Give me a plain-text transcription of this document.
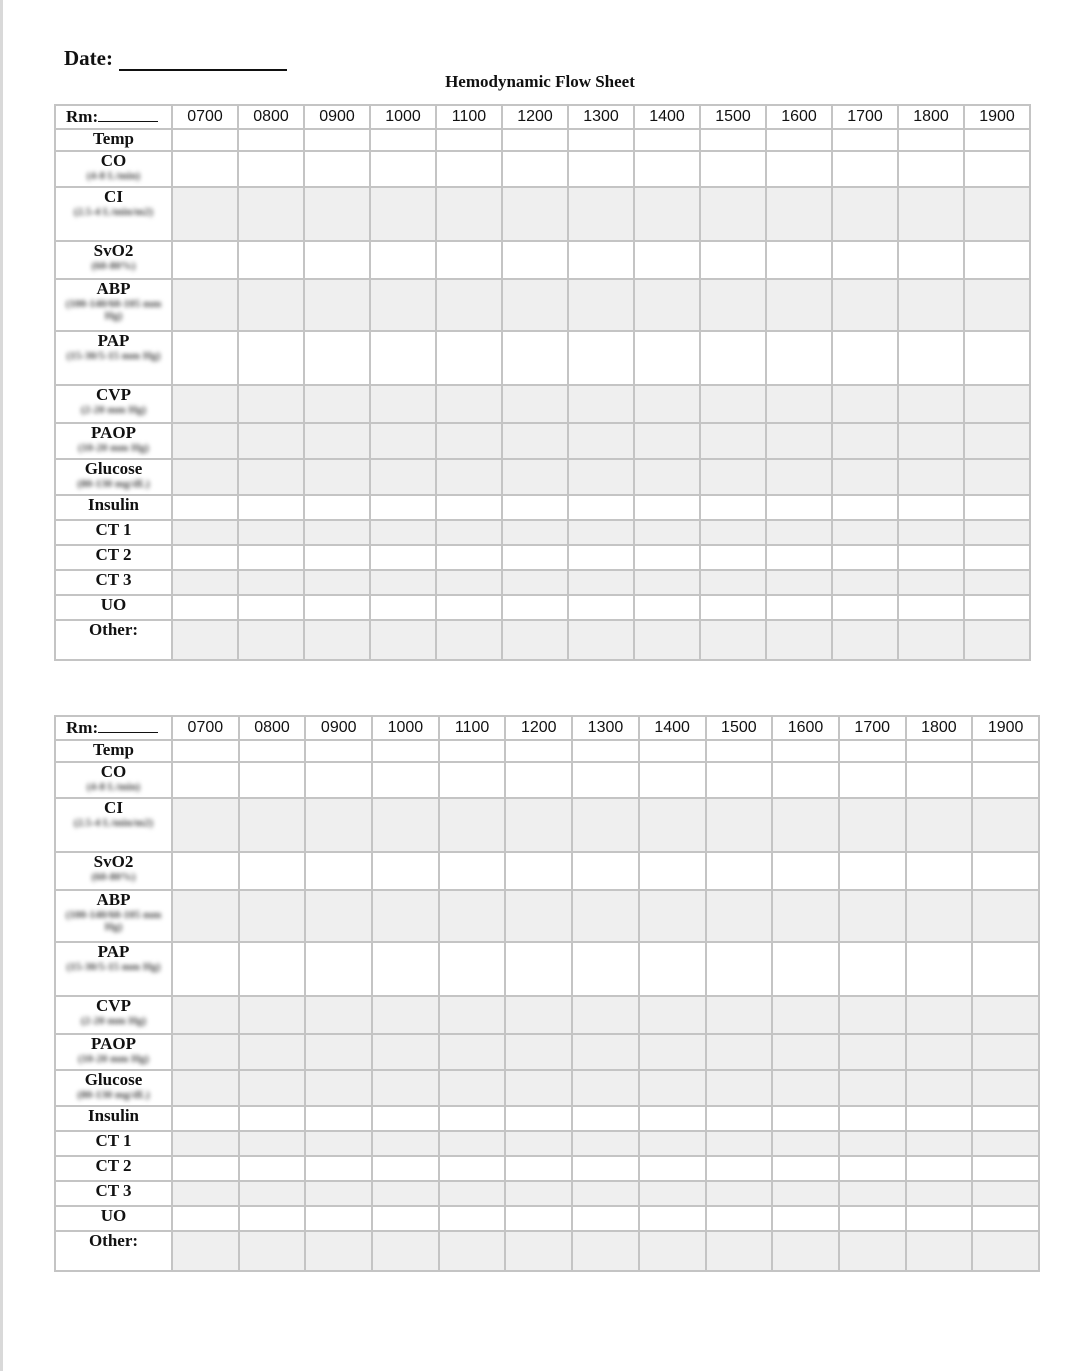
Date:
Hemodynamic Flow Sheet
Rm:	0700	0800	0900	1000	1100	1200	1300	1400	1500	1600	1700	1800	1900
Temp													
CO
(4-8 L/min)													

CI
(2.5-4 L/min/m2)													

SvO2
(60-80%)													

ABP
(100-140/60-105 mm Hg)													

PAP
(15-30/5-15 mm Hg)													

CVP
(2-20 mm Hg)													

PAOP
(10-20 mm Hg)													

Glucose
(80-130 mg/dL)													

Insulin													
CT 1													
CT 2													
CT 3													
UO													
Other:													
Rm:	0700	0800	0900	1000	1100	1200	1300	1400	1500	1600	1700	1800	1900
Temp													
CO
(4-8 L/min)													

CI
(2.5-4 L/min/m2)													

SvO2
(60-80%)													

ABP
(100-140/60-105 mm Hg)													

PAP
(15-30/5-15 mm Hg)													

CVP
(2-20 mm Hg)													

PAOP
(10-20 mm Hg)													

Glucose
(80-130 mg/dL)													

Insulin													
CT 1													
CT 2													
CT 3													
UO													
Other:													
